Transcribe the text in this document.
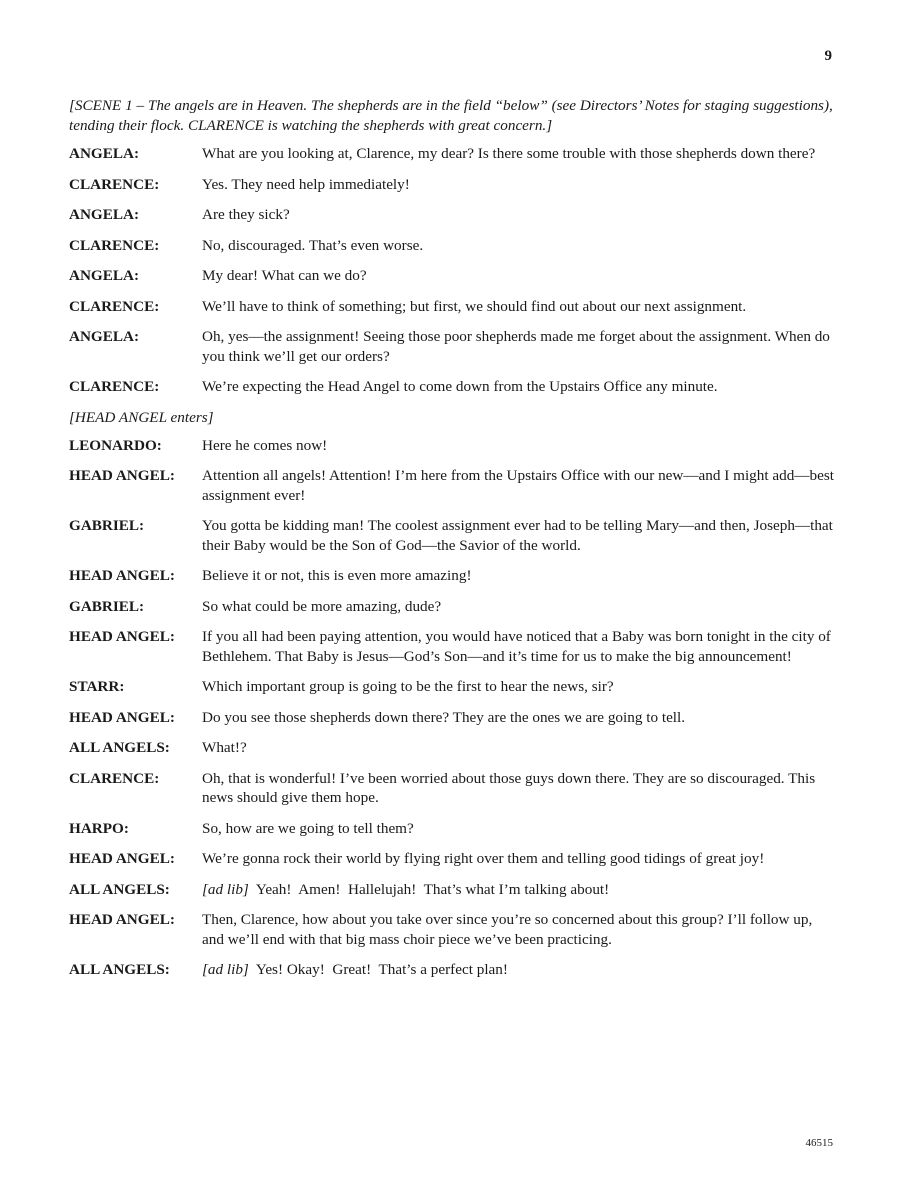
9
[SCENE 1 – The angels are in Heaven. The shepherds are in the field “below” (see Directors’ Notes for staging suggestions), tending their flock. CLARENCE is watching the shepherds with great concern.]
ANGELA:	What are you looking at, Clarence, my dear? Is there some trouble with those shepherds down there?
CLARENCE:	Yes. They need help immediately!
ANGELA:	Are they sick?
CLARENCE:	No, discouraged. That’s even worse.
ANGELA:	My dear! What can we do?
CLARENCE:	We’ll have to think of something; but first, we should find out about our next assignment.
ANGELA:	Oh, yes—the assignment! Seeing those poor shepherds made me forget about the assignment. When do you think we’ll get our orders?
CLARENCE:	We’re expecting the Head Angel to come down from the Upstairs Office any minute.
[HEAD ANGEL enters]
LEONARDO:	Here he comes now!
HEAD ANGEL:	Attention all angels! Attention! I’m here from the Upstairs Office with our new—and I might add—best assignment ever!
GABRIEL:	You gotta be kidding man! The coolest assignment ever had to be telling Mary—and then, Joseph—that their Baby would be the Son of God—the Savior of the world.
HEAD ANGEL:	Believe it or not, this is even more amazing!
GABRIEL:	So what could be more amazing, dude?
HEAD ANGEL:	If you all had been paying attention, you would have noticed that a Baby was born tonight in the city of Bethlehem. That Baby is Jesus—God’s Son—and it’s time for us to make the big announcement!
STARR:	Which important group is going to be the first to hear the news, sir?
HEAD ANGEL:	Do you see those shepherds down there? They are the ones we are going to tell.
ALL ANGELS:	What!?
CLARENCE:	Oh, that is wonderful! I’ve been worried about those guys down there. They are so discouraged. This news should give them hope.
HARPO:	So, how are we going to tell them?
HEAD ANGEL:	We’re gonna rock their world by flying right over them and telling good tidings of great joy!
ALL ANGELS:	[ad lib]  Yeah!  Amen!  Hallelujah!  That’s what I’m talking about!
HEAD ANGEL:	Then, Clarence, how about you take over since you’re so concerned about this group? I’ll follow up, and we’ll end with that big mass choir piece we’ve been practicing.
ALL ANGELS:	[ad lib]  Yes! Okay!  Great!  That’s a perfect plan!
46515
